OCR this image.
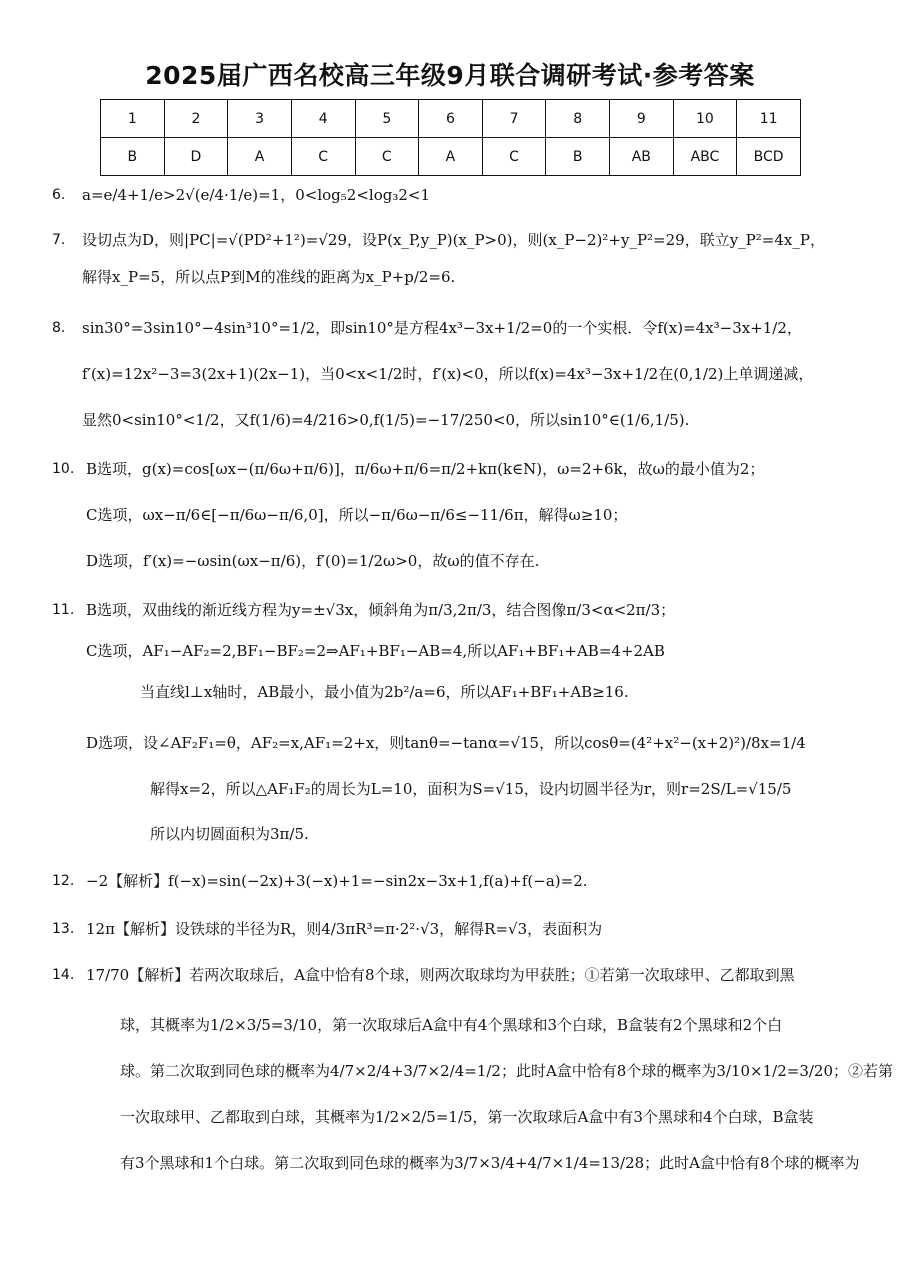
2025届广西名校高三年级9月联合调研考试·参考答案
1	2	3	4	5	6	7	8	9	10	11
B	D	A	C	C	A	C	B	AB	ABC	BCD
6. a=e/4+1/e>2√(e/4·1/e)=1，0<log₅2<log₃2<1
7. 设切点为D，则|PC|=√(PD²+1²)=√29，设P(x_P,y_P)(x_P>0)，则(x_P−2)²+y_P²=29，联立y_P²=4x_P，
解得x_P=5，所以点P到M的准线的距离为x_P+p/2=6.
8. sin30°=3sin10°−4sin³10°=1/2，即sin10°是方程4x³−3x+1/2=0的一个实根．令f(x)=4x³−3x+1/2，
f′(x)=12x²−3=3(2x+1)(2x−1)，当0<x<1/2时，f′(x)<0，所以f(x)=4x³−3x+1/2在(0,1/2)上单调递减，
显然0<sin10°<1/2，又f(1/6)=4/216>0,f(1/5)=−17/250<0，所以sin10°∈(1/6,1/5).
10. B选项，g(x)=cos[ωx−(π/6ω+π/6)]，π/6ω+π/6=π/2+kπ(k∈N)，ω=2+6k，故ω的最小值为2；
C选项，ωx−π/6∈[−π/6ω−π/6,0]，所以−π/6ω−π/6≤−11/6π，解得ω≥10；
D选项，f′(x)=−ωsin(ωx−π/6)，f′(0)=1/2ω>0，故ω的值不存在.
11. B选项，双曲线的渐近线方程为y=±√3x，倾斜角为π/3,2π/3，结合图像π/3<α<2π/3；
C选项，AF₁−AF₂=2,BF₁−BF₂=2⇒AF₁+BF₁−AB=4,所以AF₁+BF₁+AB=4+2AB
当直线l⊥x轴时，AB最小，最小值为2b²/a=6，所以AF₁+BF₁+AB≥16.
D选项，设∠AF₂F₁=θ，AF₂=x,AF₁=2+x，则tanθ=−tanα=√15，所以cosθ=(4²+x²−(x+2)²)/8x=1/4
解得x=2，所以△AF₁F₂的周长为L=10，面积为S=√15，设内切圆半径为r，则r=2S/L=√15/5
所以内切圆面积为3π/5.
12. −2【解析】f(−x)=sin(−2x)+3(−x)+1=−sin2x−3x+1,f(a)+f(−a)=2.
13. 12π【解析】设铁球的半径为R，则4/3πR³=π·2²·√3，解得R=√3，表面积为
14. 17/70【解析】若两次取球后，A盒中恰有8个球，则两次取球均为甲获胜；①若第一次取球甲、乙都取到黑
球，其概率为1/2×3/5=3/10，第一次取球后A盒中有4个黑球和3个白球，B盒装有2个黑球和2个白
球。第二次取到同色球的概率为4/7×2/4+3/7×2/4=1/2；此时A盒中恰有8个球的概率为3/10×1/2=3/20；②若第
一次取球甲、乙都取到白球，其概率为1/2×2/5=1/5，第一次取球后A盒中有3个黑球和4个白球，B盒装
有3个黑球和1个白球。第二次取到同色球的概率为3/7×3/4+4/7×1/4=13/28；此时A盒中恰有8个球的概率为
